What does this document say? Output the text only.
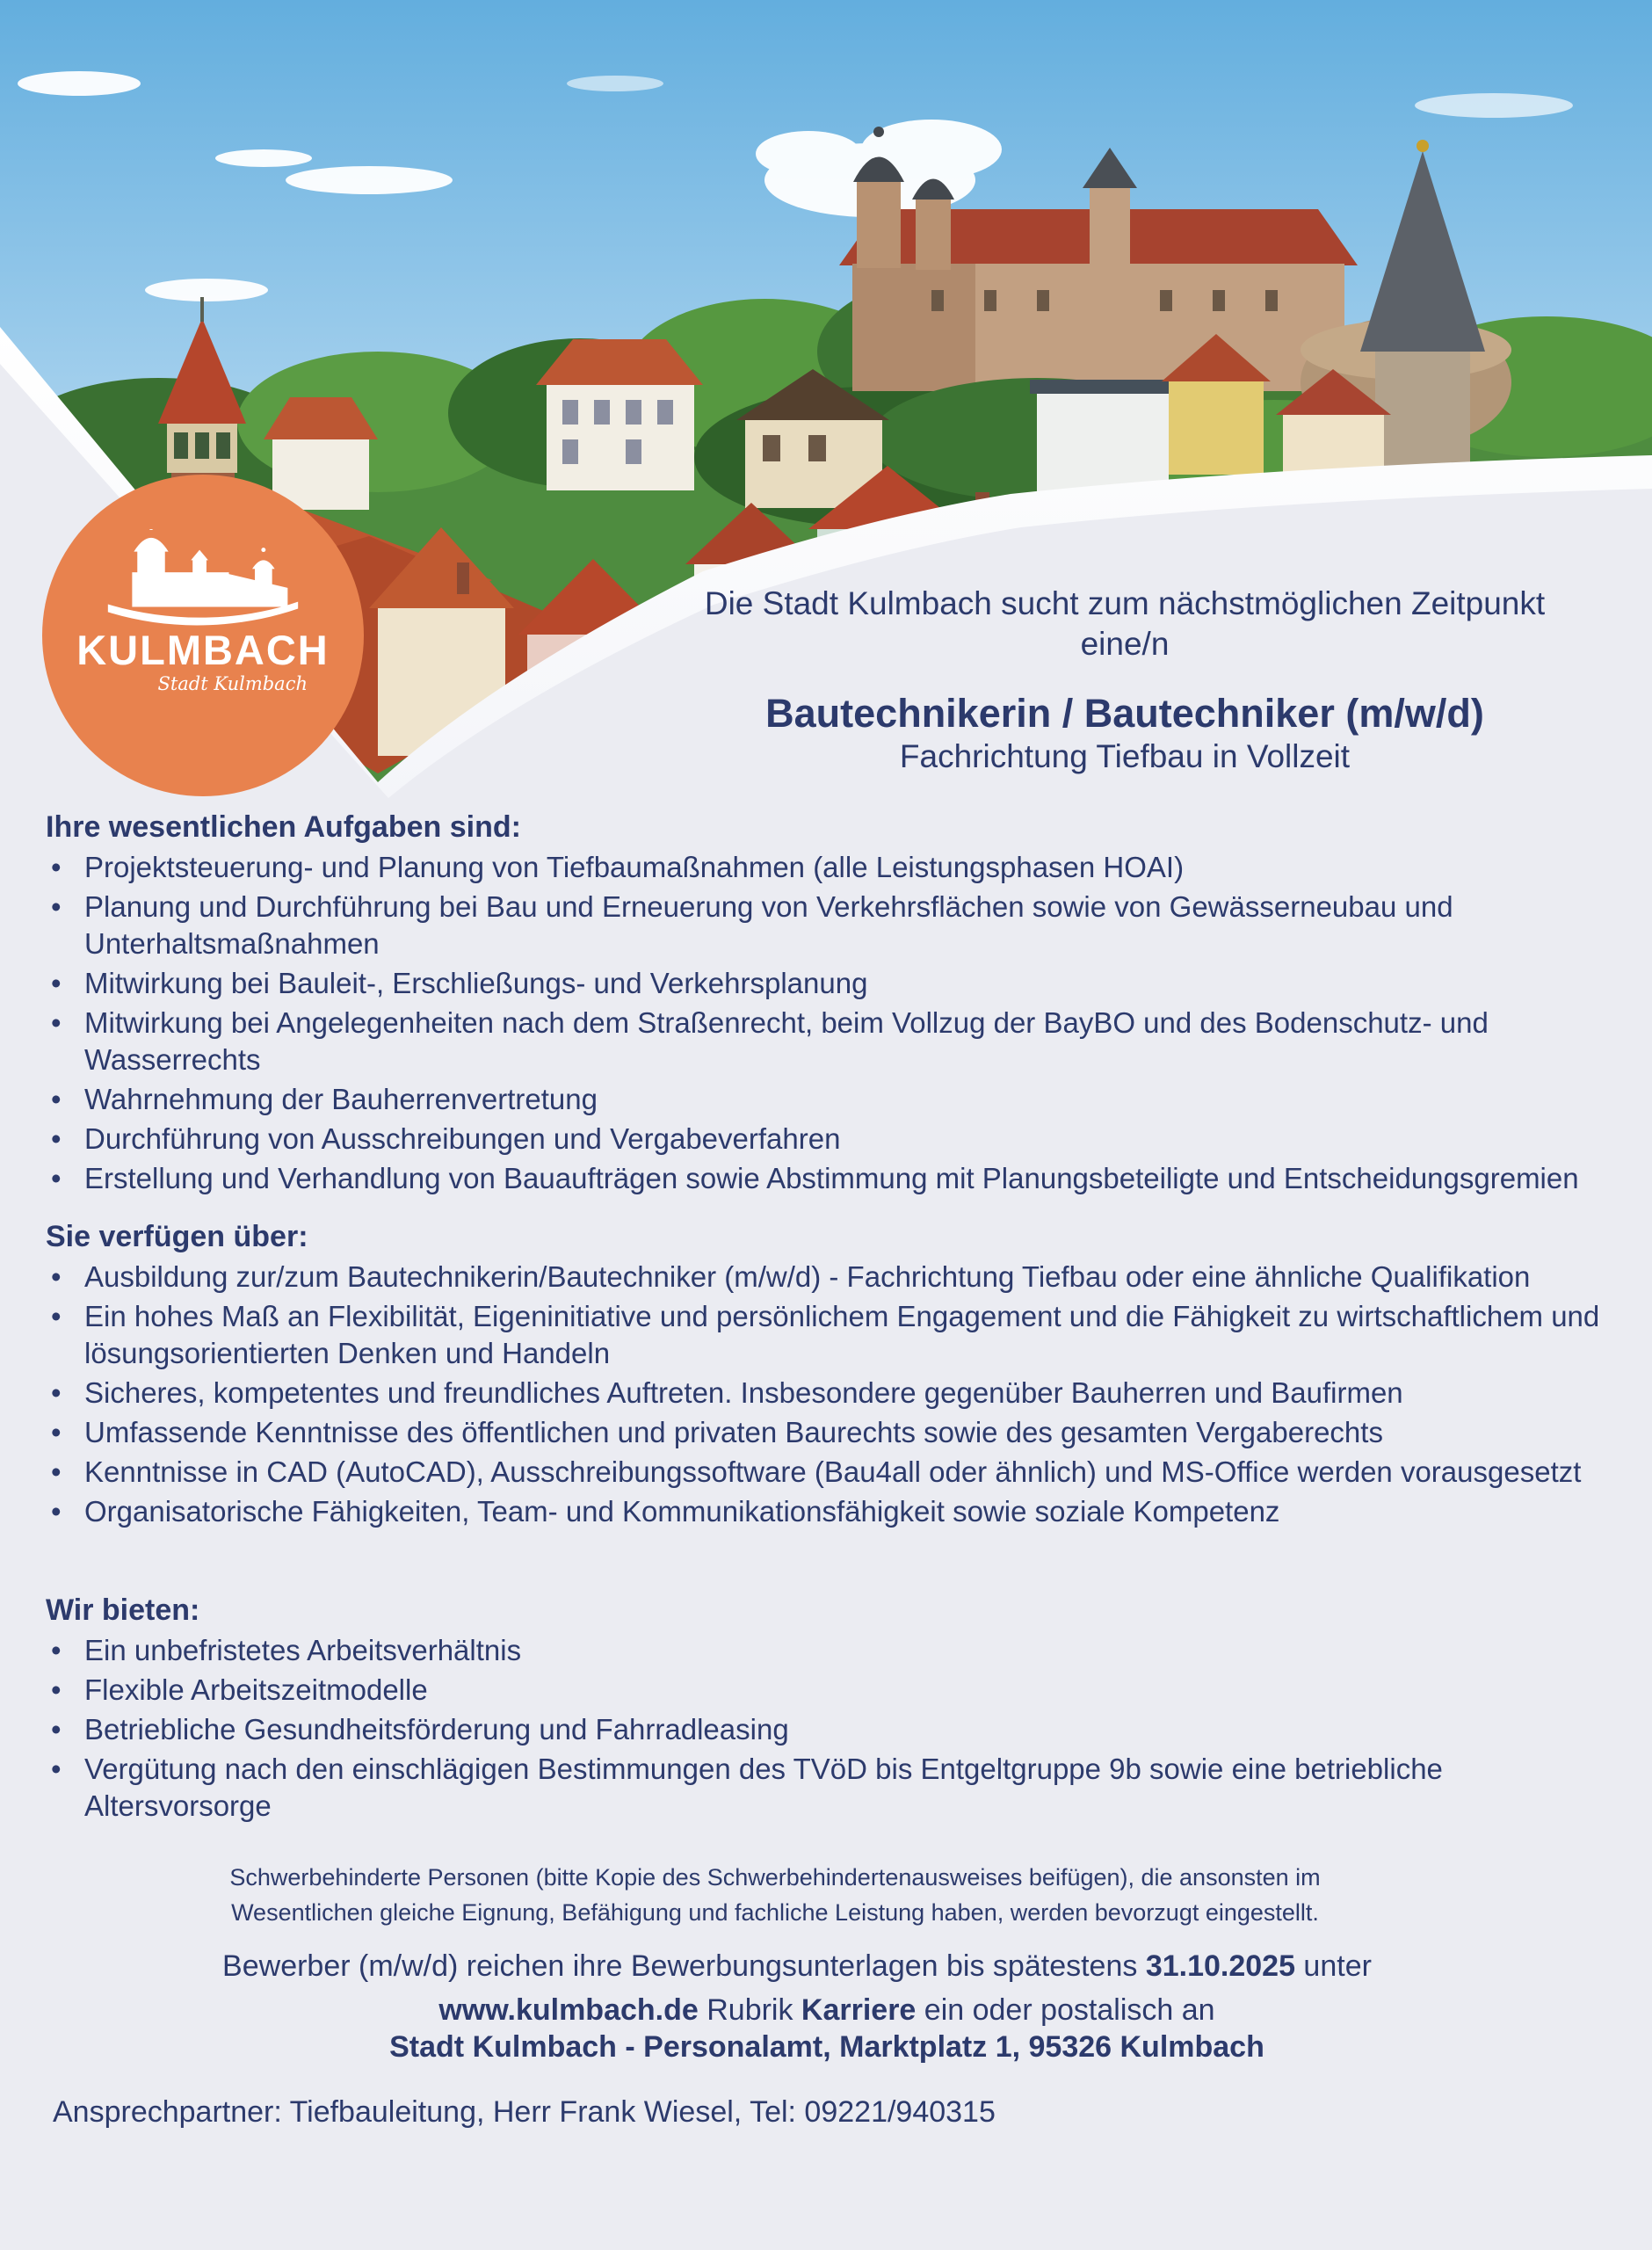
KULMBACH
Stadt Kulmbach
Die Stadt Kulmbach sucht zum nächstmöglichen Zeitpunkt
eine/n
Bautechnikerin / Bautechniker (m/w/d)
Fachrichtung Tiefbau in Vollzeit

Ihre wesentlichen Aufgaben sind:

• Projektsteuerung- und Planung von Tiefbaumaßnahmen (alle Leistungsphasen HOAI)
• Planung und Durchführung bei Bau und Erneuerung von Verkehrsflächen sowie von Gewässerneubau und Unterhaltsmaßnahmen
• Mitwirkung bei Bauleit-, Erschließungs- und Verkehrsplanung
• Mitwirkung bei Angelegenheiten nach dem Straßenrecht, beim Vollzug der BayBO und des Bodenschutz- und Wasserrechts
• Wahrnehmung der Bauherrenvertretung
• Durchführung von Ausschreibungen und Vergabeverfahren
• Erstellung und Verhandlung von Bauaufträgen sowie Abstimmung mit Planungsbeteiligte und Entscheidungsgremien

Sie verfügen über:

• Ausbildung zur/zum Bautechnikerin/Bautechniker (m/w/d) - Fachrichtung Tiefbau oder eine ähnliche Qualifikation
• Ein hohes Maß an Flexibilität, Eigeninitiative und persönlichem Engagement und die Fähigkeit zu wirtschaftlichem und lösungsorientierten Denken und Handeln
• Sicheres, kompetentes und freundliches Auftreten. Insbesondere gegenüber Bauherren und Baufirmen
• Umfassende Kenntnisse des öffentlichen und privaten Baurechts sowie des gesamten Vergaberechts
• Kenntnisse in CAD (AutoCAD), Ausschreibungssoftware (Bau4all oder ähnlich) und MS-Office werden vorausgesetzt
• Organisatorische Fähigkeiten, Team- und Kommunikationsfähigkeit sowie soziale Kompetenz

Wir bieten:

• Ein unbefristetes Arbeitsverhältnis
• Flexible Arbeitszeitmodelle
• Betriebliche Gesundheitsförderung und Fahrradleasing
• Vergütung nach den einschlägigen Bestimmungen des TVöD bis Entgeltgruppe 9b sowie eine betriebliche Altersvorsorge
Schwerbehinderte Personen (bitte Kopie des Schwerbehindertenausweises beifügen), die ansonsten im Wesentlichen gleiche Eignung, Befähigung und fachliche Leistung haben, werden bevorzugt eingestellt.
Bewerber (m/w/d) reichen ihre Bewerbungsunterlagen bis spätestens 31.10.2025 unter
www.kulmbach.de Rubrik Karriere ein oder postalisch an
Stadt Kulmbach - Personalamt, Marktplatz 1, 95326 Kulmbach
Ansprechpartner: Tiefbauleitung, Herr Frank Wiesel, Tel: 09221/940315
